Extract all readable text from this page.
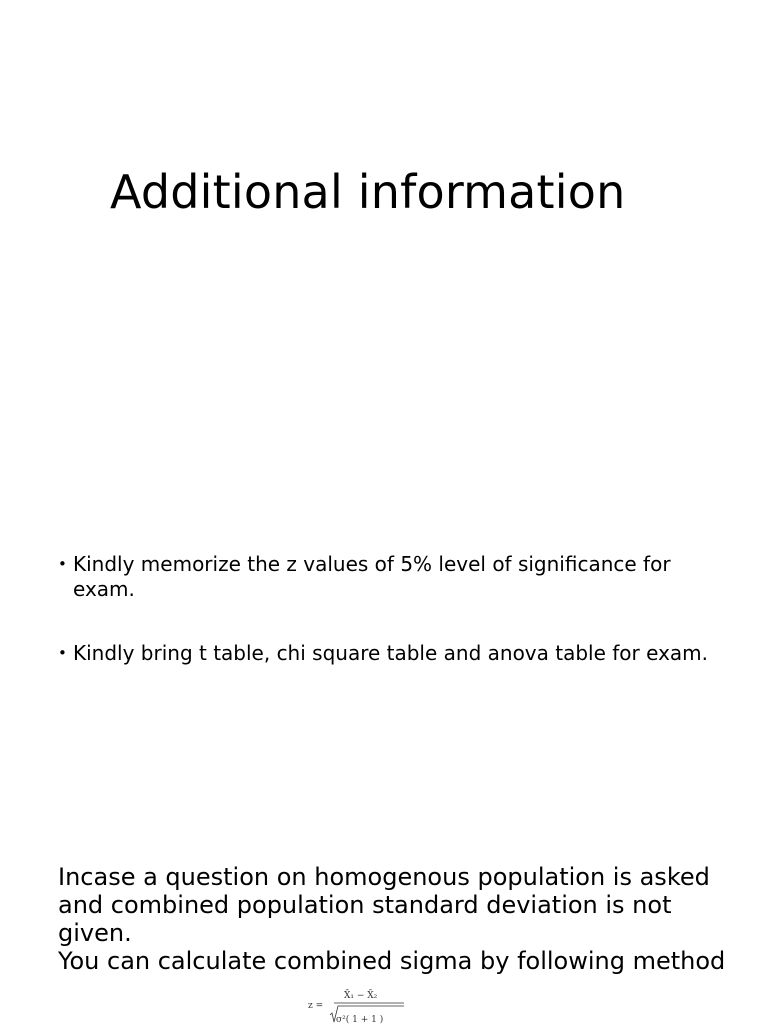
Additional information
• Kindly memorize the z values of 5% level of significance for exam.
• Kindly bring t table, chi square table and anova table for exam.

Incase a question on homogenous population is asked and combined population standard deviation is not given.

You can calculate combined sigma by following method

z =
X̄₁ − X̄₂
σ²( 1 + 1 )
